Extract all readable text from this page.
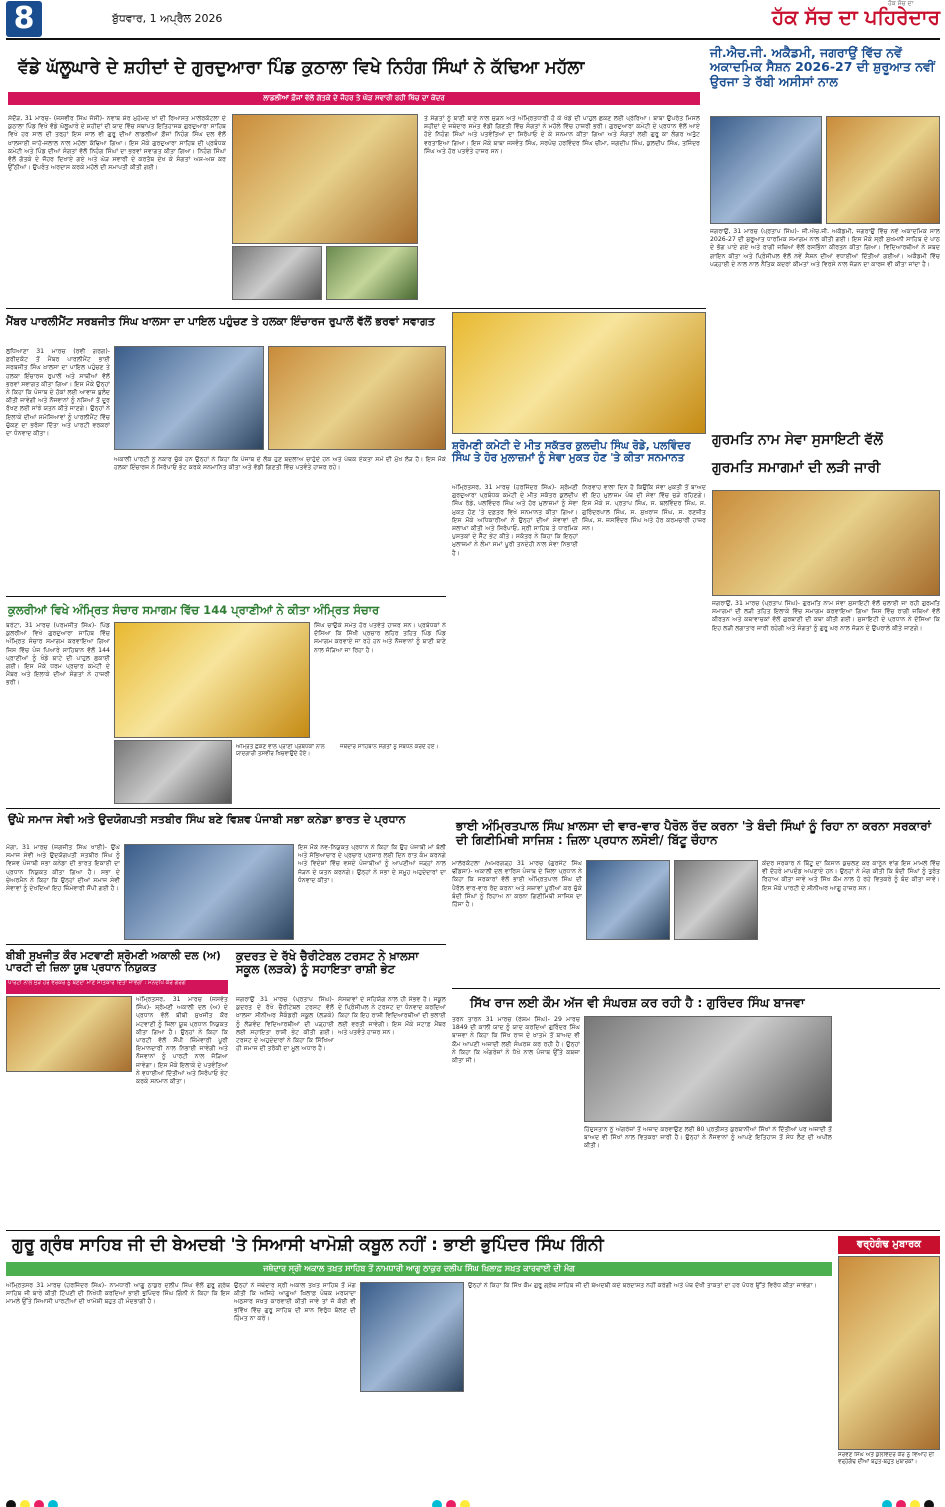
8	ਬੁੱਧਵਾਰ, 1 ਅਪ੍ਰੈਲ 2026
ਹੱਕ ਸੱਚ ਦਾ
ਹੱਕ ਸੱਚ ਦਾ ਪਹਿਰੇਦਾਰ
ਵੱਡੇ ਘੱਲੂਘਾਰੇ ਦੇ ਸ਼ਹੀਦਾਂ ਦੇ ਗੁਰਦੁਆਰਾ ਪਿੰਡ ਕੁਠਾਲਾ ਵਿਖੇ ਨਿਹੰਗ ਸਿੰਘਾਂ ਨੇ ਕੱਢਿਆ ਮਹੱਲਾ
ਲਾਡਲੀਆਂ ਫ਼ੌਜਾਂ ਵੱਲੋਂ ਗੱਤਕੇ ਦੇ ਜੌਹਰ ਤੇ ਘੋੜ ਸਵਾਰੀ ਰਹੀ ਖਿੱਚ ਦਾ ਕੇਂਦਰ
ਸੰਦੌੜ, 31 ਮਾਰਚ- (ਜਸਵੀਰ ਸਿੰਘ ਜੱਸੀ)- ਨਵਾਬ ਸ਼ੇਰ ਮੁਹੰਮਦ ਖਾਂ ਦੀ ਰਿਆਸਤ ਮਾਲੇਰਕੋਟਲਾ ਦੇ ਕੁਠਾਲਾ ਪਿੰਡ ਵਿਖੇ ਵੱਡੇ ਘੱਲੂਘਾਰੇ ਦੇ ਸ਼ਹੀਦਾਂ ਦੀ ਯਾਦ ਵਿੱਚ ਸਥਾਪਤ ਇਤਿਹਾਸਕ ਗੁਰਦੁਆਰਾ ਸਾਹਿਬ ਵਿਖੇ ਹਰ ਸਾਲ ਦੀ ਤਰ੍ਹਾਂ ਇਸ ਸਾਲ ਵੀ ਗੁਰੂ ਦੀਆਂ ਲਾਡਲੀਆਂ ਫ਼ੌਜਾਂ ਨਿਹੰਗ ਸਿੰਘ ਦਲ ਵੱਲੋਂ ਖ਼ਾਲਸਾਈ ਜਾਹੋ-ਜਲਾਲ ਨਾਲ ਮਹੱਲਾ ਕੱਢਿਆ ਗਿਆ। ਇਸ ਮੌਕੇ ਗੁਰਦੁਆਰਾ ਸਾਹਿਬ ਦੀ ਪ੍ਰਬੰਧਕ ਕਮੇਟੀ ਅਤੇ ਪਿੰਡ ਦੀਆਂ ਸੰਗਤਾਂ ਵੱਲੋਂ ਨਿਹੰਗ ਸਿੰਘਾਂ ਦਾ ਭਰਵਾਂ ਸਵਾਗਤ ਕੀਤਾ ਗਿਆ। ਨਿਹੰਗ ਸਿੰਘਾਂ ਵੱਲੋਂ ਗੱਤਕੇ ਦੇ ਜੌਹਰ ਦਿਖਾਏ ਗਏ ਅਤੇ ਘੋੜ ਸਵਾਰੀ ਦੇ ਕਰਤੱਬ ਦੇਖ ਕੇ ਸੰਗਤਾਂ ਅਸ਼-ਅਸ਼ ਕਰ ਉੱਠੀਆਂ। ਉਪਰੰਤ ਅਰਦਾਸ ਕਰਕੇ ਮਹੱਲੇ ਦੀ ਸਮਾਪਤੀ ਕੀਤੀ ਗਈ।
ਤੇ ਸੰਗਤਾਂ ਨੂੰ ਬਾਣੀ ਬਾਣੇ ਨਾਲ ਜੁੜਨ ਅਤੇ ਅੰਮ੍ਰਿਤਧਾਰੀ ਹੋ ਕੇ ਖੰਡੇ ਦੀ ਪਾਹੁਲ ਛਕਣ ਲਈ ਪ੍ਰੇਰਿਆ। ਬਾਬਾ ਉਪਰੰਤ ਮਿਸਲ ਸ਼ਹੀਦਾਂ ਦੇ ਜਥੇਦਾਰ ਸਮੇਤ ਵੱਡੀ ਗਿਣਤੀ ਵਿੱਚ ਸੰਗਤਾਂ ਨੇ ਮਹੱਲੇ ਵਿੱਚ ਹਾਜ਼ਰੀ ਭਰੀ। ਗੁਰਦੁਆਰਾ ਕਮੇਟੀ ਦੇ ਪ੍ਰਧਾਨ ਵੱਲੋਂ ਆਏ ਹੋਏ ਨਿਹੰਗ ਸਿੰਘਾਂ ਅਤੇ ਪਤਵੰਤਿਆਂ ਦਾ ਸਿਰੋਪਾਓ ਦੇ ਕੇ ਸਨਮਾਨ ਕੀਤਾ ਗਿਆ ਅਤੇ ਸੰਗਤਾਂ ਲਈ ਗੁਰੂ ਕਾ ਲੰਗਰ ਅਤੁੱਟ ਵਰਤਾਇਆ ਗਿਆ। ਇਸ ਮੌਕੇ ਬਾਬਾ ਜਸਵੰਤ ਸਿੰਘ, ਸਰਪੰਚ ਹਰਵਿੰਦਰ ਸਿੰਘ ਚੀਮਾ, ਜਗਦੀਪ ਸਿੰਘ, ਕੁਲਦੀਪ ਸਿੰਘ, ਤਜਿੰਦਰ ਸਿੰਘ ਅਤੇ ਹੋਰ ਪਤਵੰਤੇ ਹਾਜ਼ਰ ਸਨ।
ਜੀ.ਐਚ.ਜੀ. ਅਕੈਡਮੀ, ਜਗਰਾਉਂ ਵਿੱਚ ਨਵੇਂ ਅਕਾਦਮਿਕ ਸੈਸ਼ਨ 2026-27 ਦੀ ਸ਼ੁਰੂਆਤ ਨਵੀਂ ਉਰਜਾ ਤੇ ਰੱਬੀ ਅਸੀਸਾਂ ਨਾਲ
ਜਗਰਾਉਂ, 31 ਮਾਰਚ (ਪ੍ਰਤਾਪ ਸਿੰਘ)- ਜੀ.ਐਚ.ਜੀ. ਅਕੈਡਮੀ, ਜਗਰਾਉਂ ਵਿੱਚ ਨਵੇਂ ਅਕਾਦਮਿਕ ਸਾਲ 2026-27 ਦੀ ਸ਼ੁਰੂਆਤ ਧਾਰਮਿਕ ਸਮਾਗਮ ਨਾਲ ਕੀਤੀ ਗਈ। ਇਸ ਮੌਕੇ ਸ੍ਰੀ ਸੁਖਮਨੀ ਸਾਹਿਬ ਦੇ ਪਾਠ ਦੇ ਭੋਗ ਪਾਏ ਗਏ ਅਤੇ ਰਾਗੀ ਜਥਿਆਂ ਵੱਲੋਂ ਰਸਭਿੰਨਾ ਕੀਰਤਨ ਕੀਤਾ ਗਿਆ। ਵਿਦਿਆਰਥੀਆਂ ਨੇ ਸ਼ਬਦ ਗਾਇਨ ਕੀਤਾ ਅਤੇ ਪ੍ਰਿੰਸੀਪਲ ਵੱਲੋਂ ਨਵੇਂ ਸੈਸ਼ਨ ਦੀਆਂ ਵਧਾਈਆਂ ਦਿੱਤੀਆਂ ਗਈਆਂ। ਅਕੈਡਮੀ ਵਿੱਚ ਪੜ੍ਹਾਈ ਦੇ ਨਾਲ ਨਾਲ ਨੈਤਿਕ ਕਦਰਾਂ ਕੀਮਤਾਂ ਅਤੇ ਵਿਰਸੇ ਨਾਲ ਜੋੜਨ ਦਾ ਕਾਰਜ ਵੀ ਕੀਤਾ ਜਾਂਦਾ ਹੈ।
ਮੈਂਬਰ ਪਾਰਲੀਮੈਂਟ ਸਰਬਜੀਤ ਸਿੰਘ ਖਾਲਸਾ ਦਾ ਪਾਇਲ ਪਹੁੰਚਣ ਤੇ ਹਲਕਾ ਇੰਚਾਰਜ ਰੁਪਾਲੋਂ ਵੱਲੋਂ ਭਰਵਾਂ ਸਵਾਗਤ
ਲੁਧਿਆਣਾ 31 ਮਾਰਚ (ਰਵੀ ਗਰਗ)- ਫ਼ਰੀਦਕੋਟ ਤੋਂ ਮੈਂਬਰ ਪਾਰਲੀਮੈਂਟ ਭਾਈ ਸਰਬਜੀਤ ਸਿੰਘ ਖ਼ਾਲਸਾ ਦਾ ਪਾਇਲ ਪਹੁੰਚਣ ਤੇ ਹਲਕਾ ਇੰਚਾਰਜ ਰੁਪਾਲੋਂ ਅਤੇ ਸਾਥੀਆਂ ਵੱਲੋਂ ਭਰਵਾਂ ਸਵਾਗਤ ਕੀਤਾ ਗਿਆ। ਇਸ ਮੌਕੇ ਉਨ੍ਹਾਂ ਨੇ ਕਿਹਾ ਕਿ ਪੰਜਾਬ ਦੇ ਹੱਕਾਂ ਲਈ ਆਵਾਜ਼ ਬੁਲੰਦ ਕੀਤੀ ਜਾਵੇਗੀ ਅਤੇ ਨੌਜਵਾਨਾਂ ਨੂੰ ਨਸ਼ਿਆਂ ਤੋਂ ਦੂਰ ਰੱਖਣ ਲਈ ਸਾਂਝੇ ਯਤਨ ਕੀਤੇ ਜਾਣਗੇ। ਉਨ੍ਹਾਂ ਨੇ ਇਲਾਕੇ ਦੀਆਂ ਸਮੱਸਿਆਵਾਂ ਨੂੰ ਪਾਰਲੀਮੈਂਟ ਵਿੱਚ ਚੁੱਕਣ ਦਾ ਭਰੋਸਾ ਦਿੱਤਾ ਅਤੇ ਪਾਰਟੀ ਵਰਕਰਾਂ ਦਾ ਧੰਨਵਾਦ ਕੀਤਾ।
ਅਕਾਲੀ ਪਾਰਟੀ ਨੂੰ ਨਕਾਰ ਚੁੱਕੇ ਹਨ ਉਨ੍ਹਾਂ ਨੇ ਕਿਹਾ ਕਿ ਪੰਜਾਬ ਦੇ ਲੋਕ ਹੁਣ ਬਦਲਾਅ ਚਾਹੁੰਦੇ ਹਨ ਅਤੇ ਪੰਥਕ ਏਕਤਾ ਸਮੇਂ ਦੀ ਮੁੱਖ ਲੋੜ ਹੈ। ਇਸ ਮੌਕੇ ਹਲਕਾ ਇੰਚਾਰਜ ਨੇ ਸਿਰੋਪਾਓ ਭੇਟ ਕਰਕੇ ਸਨਮਾਨਿਤ ਕੀਤਾ ਅਤੇ ਵੱਡੀ ਗਿਣਤੀ ਵਿੱਚ ਪਤਵੰਤੇ ਹਾਜ਼ਰ ਰਹੇ।
ਸ਼੍ਰੋਮਣੀ ਕਮੇਟੀ ਦੇ ਮੀਤ ਸਕੱਤਰ ਕੁਲਦੀਪ ਸਿੰਘ ਰੋਡੇ, ਪਲਵਿੰਦਰ ਸਿੰਘ ਤੇ ਹੋਰ ਮੁਲਾਜ਼ਮਾਂ ਨੂੰ ਸੇਵਾ ਮੁਕਤ ਹੋਣ 'ਤੇ ਕੀਤਾ ਸਨਮਾਨਤ
ਅੰਮ੍ਰਿਤਸਰ, 31 ਮਾਰਚ (ਹਰਜਿੰਦਰ ਸਿੰਘ)- ਸ਼੍ਰੋਮਣੀ ਗੁਰਦੁਆਰਾ ਪ੍ਰਬੰਧਕ ਕਮੇਟੀ ਦੇ ਮੀਤ ਸਕੱਤਰ ਕੁਲਦੀਪ ਸਿੰਘ ਰੋਡੇ, ਪਲਵਿੰਦਰ ਸਿੰਘ ਅਤੇ ਹੋਰ ਮੁਲਾਜ਼ਮਾਂ ਨੂੰ ਸੇਵਾ ਮੁਕਤ ਹੋਣ 'ਤੇ ਦਫ਼ਤਰ ਵਿਖੇ ਸਨਮਾਨਤ ਕੀਤਾ ਗਿਆ। ਇਸ ਮੌਕੇ ਅਧਿਕਾਰੀਆਂ ਨੇ ਉਨ੍ਹਾਂ ਦੀਆਂ ਸੇਵਾਵਾਂ ਦੀ ਸ਼ਲਾਘਾ ਕੀਤੀ ਅਤੇ ਸਿਰੋਪਾਓ, ਸ੍ਰੀ ਸਾਹਿਬ ਤੇ ਧਾਰਮਿਕ ਪੁਸਤਕਾਂ ਦੇ ਸੈੱਟ ਭੇਟ ਕੀਤੇ। ਸਕੱਤਰ ਨੇ ਕਿਹਾ ਕਿ ਇਨ੍ਹਾਂ ਮੁਲਾਜ਼ਮਾਂ ਨੇ ਲੰਮਾ ਸਮਾਂ ਪੂਰੀ ਤਨਦੇਹੀ ਨਾਲ ਸੇਵਾ ਨਿਭਾਈ ਹੈ।
ਨਿਰਵਾਹ ਵਾਲਾ ਦਿਨ ਹੈ ਕਿਉਂਕਿ ਸੇਵਾ ਮੁਕਤੀ ਤੋਂ ਬਾਅਦ ਵੀ ਇਹ ਮੁਲਾਜ਼ਮ ਪੰਥ ਦੀ ਸੇਵਾ ਵਿੱਚ ਜੁੜੇ ਰਹਿਣਗੇ। ਇਸ ਮੌਕੇ ਸ. ਪ੍ਰਤਾਪ ਸਿੰਘ, ਸ. ਬਲਵਿੰਦਰ ਸਿੰਘ, ਸ. ਗੁਰਿੰਦਰਪਾਲ ਸਿੰਘ, ਸ. ਸੁਖਰਾਜ ਸਿੰਘ, ਸ. ਰਣਜੀਤ ਸਿੰਘ, ਸ. ਜਸਵਿੰਦਰ ਸਿੰਘ ਅਤੇ ਹੋਰ ਕਰਮਚਾਰੀ ਹਾਜ਼ਰ ਸਨ।
ਗੁਰਮਤਿ ਨਾਮ ਸੇਵਾ ਸੁਸਾਇਟੀ ਵੱਲੋਂ
ਗੁਰਮਤਿ ਸਮਾਗਮਾਂ ਦੀ ਲੜੀ ਜਾਰੀ
ਜਗਰਾਉਂ, 31 ਮਾਰਚ (ਪ੍ਰਤਾਪ ਸਿੰਘ)- ਗੁਰਮਤਿ ਨਾਮ ਸੇਵਾ ਸੁਸਾਇਟੀ ਵੱਲੋਂ ਚਲਾਈ ਜਾ ਰਹੀ ਗੁਰਮਤਿ ਸਮਾਗਮਾਂ ਦੀ ਲੜੀ ਤਹਿਤ ਇਲਾਕੇ ਵਿੱਚ ਸਮਾਗਮ ਕਰਵਾਇਆ ਗਿਆ ਜਿਸ ਵਿੱਚ ਰਾਗੀ ਜਥਿਆਂ ਵੱਲੋਂ ਕੀਰਤਨ ਅਤੇ ਕਥਾਵਾਚਕਾਂ ਵੱਲੋਂ ਗੁਰਬਾਣੀ ਦੀ ਕਥਾ ਕੀਤੀ ਗਈ। ਸੁਸਾਇਟੀ ਦੇ ਪ੍ਰਧਾਨ ਨੇ ਦੱਸਿਆ ਕਿ ਇਹ ਲੜੀ ਲਗਾਤਾਰ ਜਾਰੀ ਰਹੇਗੀ ਅਤੇ ਸੰਗਤਾਂ ਨੂੰ ਗੁਰੂ ਘਰ ਨਾਲ ਜੋੜਨ ਦੇ ਉਪਰਾਲੇ ਕੀਤੇ ਜਾਣਗੇ।
ਕੁਲਰੀਆਂ ਵਿਖੇ ਅੰਮ੍ਰਿਤ ਸੰਚਾਰ ਸਮਾਗਮ ਵਿੱਚ 144 ਪ੍ਰਾਣੀਆਂ ਨੇ ਕੀਤਾ ਅੰਮ੍ਰਿਤ ਸੰਚਾਰ
ਬਰੇਟਾ, 31 ਮਾਰਚ (ਪਰਮਜੀਤ ਸਿੰਘ)- ਪਿੰਡ ਕੁਲਰੀਆਂ ਵਿਖੇ ਗੁਰਦੁਆਰਾ ਸਾਹਿਬ ਵਿੱਚ ਅੰਮ੍ਰਿਤ ਸੰਚਾਰ ਸਮਾਗਮ ਕਰਵਾਇਆ ਗਿਆ ਜਿਸ ਵਿੱਚ ਪੰਜ ਪਿਆਰੇ ਸਾਹਿਬਾਨ ਵੱਲੋਂ 144 ਪ੍ਰਾਣੀਆਂ ਨੂੰ ਖੰਡੇ ਬਾਟੇ ਦੀ ਪਾਹੁਲ ਛਕਾਈ ਗਈ। ਇਸ ਮੌਕੇ ਧਰਮ ਪ੍ਰਚਾਰ ਕਮੇਟੀ ਦੇ ਮੈਂਬਰ ਅਤੇ ਇਲਾਕੇ ਦੀਆਂ ਸੰਗਤਾਂ ਨੇ ਹਾਜ਼ਰੀ ਭਰੀ।
ਸਿੰਘ ਚਾਉਕੇ ਸਮੇਤ ਹੋਰ ਪਤਵੰਤੇ ਹਾਜ਼ਰ ਸਨ। ਪ੍ਰਬੰਧਕਾਂ ਨੇ ਦੱਸਿਆ ਕਿ ਸਿੱਖੀ ਪ੍ਰਚਾਰ ਲਹਿਰ ਤਹਿਤ ਪਿੰਡ ਪਿੰਡ ਸਮਾਗਮ ਕਰਵਾਏ ਜਾ ਰਹੇ ਹਨ ਅਤੇ ਨੌਜਵਾਨਾਂ ਨੂੰ ਬਾਣੀ ਬਾਣੇ ਨਾਲ ਜੋੜਿਆ ਜਾ ਰਿਹਾ ਹੈ।
ਅੰਮ੍ਰਿਤ ਛਕਣ ਵਾਲੇ ਪ੍ਰਾਣੀ ਪ੍ਰਬੰਧਕਾਂ ਨਾਲ ਯਾਦਗਾਰੀ ਤਸਵੀਰ ਖਿਚਵਾਉਂਦੇ ਹੋਏ।
ਜਥੇਦਾਰ ਸਾਹਿਬਾਨ ਸੰਗਤਾਂ ਨੂੰ ਸੰਬੋਧਨ ਕਰਦੇ ਹੋਏ।
ਉਂਘੇ ਸਮਾਜ ਸੇਵੀ ਅਤੇ ਉਦਯੋਗਪਤੀ ਸਤਬੀਰ ਸਿੰਘ ਬਣੇ ਵਿਸ਼ਵ ਪੰਜਾਬੀ ਸਭਾ ਕਨੇਡਾ ਭਾਰਤ ਦੇ ਪ੍ਰਧਾਨ
ਮੋਗਾ, 31 ਮਾਰਚ (ਜਗਜੀਤ ਸਿੰਘ ਖਾਈ)- ਉਂਘੇ ਸਮਾਜ ਸੇਵੀ ਅਤੇ ਉਦਯੋਗਪਤੀ ਸਤਬੀਰ ਸਿੰਘ ਨੂੰ ਵਿਸ਼ਵ ਪੰਜਾਬੀ ਸਭਾ ਕਨੇਡਾ ਦੀ ਭਾਰਤ ਇਕਾਈ ਦਾ ਪ੍ਰਧਾਨ ਨਿਯੁਕਤ ਕੀਤਾ ਗਿਆ ਹੈ। ਸਭਾ ਦੇ ਚੇਅਰਮੈਨ ਨੇ ਕਿਹਾ ਕਿ ਉਨ੍ਹਾਂ ਦੀਆਂ ਸਮਾਜ ਸੇਵੀ ਸੇਵਾਵਾਂ ਨੂੰ ਦੇਖਦਿਆਂ ਇਹ ਜ਼ਿੰਮੇਵਾਰੀ ਸੌਂਪੀ ਗਈ ਹੈ।
ਇਸ ਮੌਕੇ ਨਵ-ਨਿਯੁਕਤ ਪ੍ਰਧਾਨ ਨੇ ਕਿਹਾ ਕਿ ਉਹ ਪੰਜਾਬੀ ਮਾਂ ਬੋਲੀ ਅਤੇ ਸੱਭਿਆਚਾਰ ਦੇ ਪ੍ਰਚਾਰ ਪ੍ਰਸਾਰ ਲਈ ਦਿਨ ਰਾਤ ਕੰਮ ਕਰਨਗੇ ਅਤੇ ਵਿਦੇਸ਼ਾਂ ਵਿੱਚ ਵਸਦੇ ਪੰਜਾਬੀਆਂ ਨੂੰ ਆਪਣੀਆਂ ਜੜ੍ਹਾਂ ਨਾਲ ਜੋੜਨ ਦੇ ਯਤਨ ਕਰਨਗੇ। ਉਨ੍ਹਾਂ ਨੇ ਸਭਾ ਦੇ ਸਮੂਹ ਅਹੁਦੇਦਾਰਾਂ ਦਾ ਧੰਨਵਾਦ ਕੀਤਾ।
ਭਾਈ ਅੰਮ੍ਰਿਤਪਾਲ ਸਿੰਘ ਖ਼ਾਲਸਾ ਦੀ ਵਾਰ-ਵਾਰ ਪੈਰੋਲ ਰੱਦ ਕਰਨਾ 'ਤੇ ਬੰਦੀ ਸਿੰਘਾਂ ਨੂੰ ਰਿਹਾ ਨਾ ਕਰਨਾ ਸਰਕਾਰਾਂ ਦੀ ਗਿਣੀਮਿਥੀ ਸਾਜਿਸ਼ : ਜ਼ਿਲਾ ਪ੍ਰਧਾਨ ਲਸੋਈ/ ਬਿੱਟੂ ਚੌਹਾਨ
ਮਾਲੇਰਕੋਟਲਾ /ਅਮਰਗੜ੍ਹ 31 ਮਾਰਚ (ਗੁਰਜੰਟ ਸਿੰਘ ਢੀਂਡਸਾ)- ਅਕਾਲੀ ਦਲ ਵਾਰਿਸ ਪੰਜਾਬ ਦੇ ਜ਼ਿਲਾ ਪ੍ਰਧਾਨ ਨੇ ਕਿਹਾ ਕਿ ਸਰਕਾਰਾਂ ਵੱਲੋਂ ਭਾਈ ਅੰਮ੍ਰਿਤਪਾਲ ਸਿੰਘ ਦੀ ਪੈਰੋਲ ਵਾਰ-ਵਾਰ ਰੱਦ ਕਰਨਾ ਅਤੇ ਸਜ਼ਾਵਾਂ ਪੂਰੀਆਂ ਕਰ ਚੁੱਕੇ ਬੰਦੀ ਸਿੰਘਾਂ ਨੂੰ ਰਿਹਾਅ ਨਾ ਕਰਨਾ ਗਿਣੀਮਿਥੀ ਸਾਜਿਸ਼ ਦਾ ਹਿੱਸਾ ਹੈ।
ਕੇਂਦਰ ਸਰਕਾਰ ਨੇ ਬਿੱਟੂ ਦਾ ਕਿਸਾਨ ਕੁਚਲਣ ਕਰ ਕਾਨੂੰਨ ਵਾਂਗ ਇਸ ਮਾਮਲੇ ਵਿੱਚ ਵੀ ਦੋਹਰੇ ਮਾਪਦੰਡ ਅਪਣਾਏ ਹਨ। ਉਨ੍ਹਾਂ ਨੇ ਮੰਗ ਕੀਤੀ ਕਿ ਬੰਦੀ ਸਿੰਘਾਂ ਨੂੰ ਤੁਰੰਤ ਰਿਹਾਅ ਕੀਤਾ ਜਾਵੇ ਅਤੇ ਸਿੱਖ ਕੌਮ ਨਾਲ ਹੋ ਰਹੇ ਵਿਤਕਰੇ ਨੂੰ ਬੰਦ ਕੀਤਾ ਜਾਵੇ। ਇਸ ਮੌਕੇ ਪਾਰਟੀ ਦੇ ਸੀਨੀਅਰ ਆਗੂ ਹਾਜ਼ਰ ਸਨ।
ਬੀਬੀ ਸੁਖਜੀਤ ਕੌਰ ਮਟਵਾਣੀ ਸ਼੍ਰੋਮਣੀ ਅਕਾਲੀ ਦਲ (ਅ) ਪਾਰਟੀ ਦੀ ਜ਼ਿਲਾ ਯੂਥ ਪ੍ਰਧਾਨ ਨਿਯੁਕਤ
ਪਾਰਟੀ ਨਾਲ ਜੁੜੇ ਹਰ ਵਰਕਰ ਨੂੰ ਬਣਦਾ ਮਾਣ ਸਤਿਕਾਰ ਦਿੱਤਾ ਜਾਵੇਗਾ : ਮਨਦੀਪ ਕੌਰ ਗਰਗ
ਅੰਮ੍ਰਿਤਸਰ, 31 ਮਾਰਚ (ਜਸਵੰਤ ਸਿੰਘ)- ਸ਼੍ਰੋਮਣੀ ਅਕਾਲੀ ਦਲ (ਅ) ਦੇ ਪ੍ਰਧਾਨ ਵੱਲੋਂ ਬੀਬੀ ਸੁਖਜੀਤ ਕੌਰ ਮਟਵਾਣੀ ਨੂੰ ਜ਼ਿਲਾ ਯੂਥ ਪ੍ਰਧਾਨ ਨਿਯੁਕਤ ਕੀਤਾ ਗਿਆ ਹੈ। ਉਨ੍ਹਾਂ ਨੇ ਕਿਹਾ ਕਿ ਪਾਰਟੀ ਵੱਲੋਂ ਸੌਂਪੀ ਜ਼ਿੰਮੇਵਾਰੀ ਪੂਰੀ ਇਮਾਨਦਾਰੀ ਨਾਲ ਨਿਭਾਈ ਜਾਵੇਗੀ ਅਤੇ ਨੌਜਵਾਨਾਂ ਨੂੰ ਪਾਰਟੀ ਨਾਲ ਜੋੜਿਆ ਜਾਵੇਗਾ। ਇਸ ਮੌਕੇ ਇਲਾਕੇ ਦੇ ਪਤਵੰਤਿਆਂ ਨੇ ਵਧਾਈਆਂ ਦਿੱਤੀਆਂ ਅਤੇ ਸਿਰੋਪਾਓ ਭੇਟ ਕਰਕੇ ਸਨਮਾਨ ਕੀਤਾ।
ਕੁਦਰਤ ਦੇ ਰੱਖੇ ਚੈਰੀਟੇਬਲ ਟਰਸਟ ਨੇ ਖ਼ਾਲਸਾ ਸਕੂਲ (ਲੜਕੇ) ਨੂੰ ਸਹਾਇਤਾ ਰਾਸ਼ੀ ਭੇਟ
ਜਗਰਾਉਂ 31 ਮਾਰਚ (ਪ੍ਰਤਾਪ ਸਿੰਘ)- ਕੁਦਰਤ ਦੇ ਰੱਖੇ ਚੈਰੀਟੇਬਲ ਟਰਸਟ ਵੱਲੋਂ ਖ਼ਾਲਸਾ ਸੀਨੀਅਰ ਸੈਕੰਡਰੀ ਸਕੂਲ (ਲੜਕੇ) ਨੂੰ ਲੋੜਵੰਦ ਵਿਦਿਆਰਥੀਆਂ ਦੀ ਪੜ੍ਹਾਈ ਲਈ ਸਹਾਇਤਾ ਰਾਸ਼ੀ ਭੇਟ ਕੀਤੀ ਗਈ। ਟਰਸਟ ਦੇ ਅਹੁਦੇਦਾਰਾਂ ਨੇ ਕਿਹਾ ਕਿ ਸਿੱਖਿਆ ਹੀ ਸਮਾਜ ਦੀ ਤਰੱਕੀ ਦਾ ਮੂਲ ਅਧਾਰ ਹੈ।
ਸੰਸਥਾਵਾਂ ਦੇ ਸਹਿਯੋਗ ਨਾਲ ਹੀ ਸੰਭਵ ਹੈ। ਸਕੂਲ ਦੇ ਪ੍ਰਿੰਸੀਪਲ ਨੇ ਟਰਸਟ ਦਾ ਧੰਨਵਾਦ ਕਰਦਿਆਂ ਕਿਹਾ ਕਿ ਇਹ ਰਾਸ਼ੀ ਵਿਦਿਆਰਥੀਆਂ ਦੀ ਭਲਾਈ ਲਈ ਵਰਤੀ ਜਾਵੇਗੀ। ਇਸ ਮੌਕੇ ਸਟਾਫ਼ ਮੈਂਬਰ ਅਤੇ ਪਤਵੰਤੇ ਹਾਜ਼ਰ ਸਨ।
ਸਿੱਖ ਰਾਜ ਲਈ ਕੌਮ ਅੱਜ ਵੀ ਸੰਘਰਸ਼ ਕਰ ਰਹੀ ਹੈ : ਗੁਰਿੰਦਰ ਸਿੰਘ ਬਾਜਵਾ
ਤਰਨ ਤਾਰਨ 31 ਮਾਰਚ (ਰੇਸ਼ਮ ਸਿੰਘ)- 29 ਮਾਰਚ 1849 ਦੀ ਕਾਲੀ ਯਾਦ ਨੂੰ ਯਾਦ ਕਰਦਿਆਂ ਗੁਰਿੰਦਰ ਸਿੰਘ ਬਾਜਵਾ ਨੇ ਕਿਹਾ ਕਿ ਸਿੱਖ ਰਾਜ ਦੇ ਖ਼ਾਤਮੇ ਤੋਂ ਬਾਅਦ ਵੀ ਕੌਮ ਆਪਣੀ ਅਜ਼ਾਦੀ ਲਈ ਸੰਘਰਸ਼ ਕਰ ਰਹੀ ਹੈ। ਉਨ੍ਹਾਂ ਨੇ ਕਿਹਾ ਕਿ ਅੰਗਰੇਜ਼ਾਂ ਨੇ ਧੋਖੇ ਨਾਲ ਪੰਜਾਬ ਉੱਤੇ ਕਬਜ਼ਾ ਕੀਤਾ ਸੀ।
ਹਿੰਦੁਸਤਾਨ ਨੂੰ ਅੰਗਰੇਜ਼ਾਂ ਤੋਂ ਅਜ਼ਾਦ ਕਰਵਾਉਣ ਲਈ 80 ਪ੍ਰਤੀਸ਼ਤ ਕੁਰਬਾਨੀਆਂ ਸਿੱਖਾਂ ਨੇ ਦਿੱਤੀਆਂ ਪਰ ਅਜ਼ਾਦੀ ਤੋਂ ਬਾਅਦ ਵੀ ਸਿੱਖਾਂ ਨਾਲ ਵਿਤਕਰਾ ਜਾਰੀ ਹੈ। ਉਨ੍ਹਾਂ ਨੇ ਨੌਜਵਾਨਾਂ ਨੂੰ ਆਪਣੇ ਇਤਿਹਾਸ ਤੋਂ ਸੇਧ ਲੈਣ ਦੀ ਅਪੀਲ ਕੀਤੀ।
ਗੁਰੂ ਗ੍ਰੰਥ ਸਾਹਿਬ ਜੀ ਦੀ ਬੇਅਦਬੀ 'ਤੇ ਸਿਆਸੀ ਖਾਮੋਸ਼ੀ ਕਬੂਲ ਨਹੀਂ : ਭਾਈ ਭੁਪਿੰਦਰ ਸਿੰਘ ਗਿੰਨੀ
ਜਥੇਦਾਰ ਸ੍ਰੀ ਅਕਾਲ ਤਖ਼ਤ ਸਾਹਿਬ ਤੋਂ ਨਾਮਧਾਰੀ ਆਗੂ ਠਾਕੁਰ ਦਲੀਪ ਸਿੰਘ ਖ਼ਿਲਾਫ਼ ਸਖ਼ਤ ਕਾਰਵਾਈ ਦੀ ਮੰਗ
ਅੰਮ੍ਰਿਤਸਰ 31 ਮਾਰਚ (ਹਰਜਿੰਦਰ ਸਿੰਘ)- ਨਾਮਧਾਰੀ ਆਗੂ ਠਾਕੁਰ ਦਲੀਪ ਸਿੰਘ ਵੱਲੋਂ ਗੁਰੂ ਗ੍ਰੰਥ ਸਾਹਿਬ ਜੀ ਬਾਰੇ ਕੀਤੀ ਟਿੱਪਣੀ ਦੀ ਨਿਖੇਧੀ ਕਰਦਿਆਂ ਭਾਈ ਭੁਪਿੰਦਰ ਸਿੰਘ ਗਿੰਨੀ ਨੇ ਕਿਹਾ ਕਿ ਇਸ ਮਾਮਲੇ ਉੱਤੇ ਸਿਆਸੀ ਪਾਰਟੀਆਂ ਦੀ ਖਾਮੋਸ਼ੀ ਬਹੁਤ ਹੀ ਮੰਦਭਾਗੀ ਹੈ।
ਉਨ੍ਹਾਂ ਨੇ ਜਥੇਦਾਰ ਸ੍ਰੀ ਅਕਾਲ ਤਖ਼ਤ ਸਾਹਿਬ ਤੋਂ ਮੰਗ ਕੀਤੀ ਕਿ ਅਜਿਹੇ ਆਗੂਆਂ ਖ਼ਿਲਾਫ਼ ਪੰਥਕ ਮਰਯਾਦਾ ਅਨੁਸਾਰ ਸਖ਼ਤ ਕਾਰਵਾਈ ਕੀਤੀ ਜਾਵੇ ਤਾਂ ਜੋ ਕੋਈ ਵੀ ਭਵਿੱਖ ਵਿੱਚ ਗੁਰੂ ਸਾਹਿਬ ਦੀ ਸ਼ਾਨ ਵਿਰੁੱਧ ਬੋਲਣ ਦੀ ਹਿੰਮਤ ਨਾ ਕਰੇ।
ਉਨ੍ਹਾਂ ਨੇ ਕਿਹਾ ਕਿ ਸਿੱਖ ਕੌਮ ਗੁਰੂ ਗ੍ਰੰਥ ਸਾਹਿਬ ਜੀ ਦੀ ਬੇਅਦਬੀ ਕਦੇ ਬਰਦਾਸ਼ਤ ਨਹੀਂ ਕਰੇਗੀ ਅਤੇ ਪੰਥ ਦੋਖੀ ਤਾਕਤਾਂ ਦਾ ਹਰ ਪੱਧਰ ਉੱਤੇ ਵਿਰੋਧ ਕੀਤਾ ਜਾਵੇਗਾ।
ਵਰ੍ਹੇਗੰਢ ਮੁਬਾਰਕ
ਸਰਵਣ ਸਿੰਘ ਅਤੇ ਕੁਲਵਿੰਦਰ ਕੌਰ ਨੂੰ ਵਿਆਹ ਦੀ ਵਰ੍ਹੇਗੰਢ ਦੀਆਂ ਬਹੁਤ-ਬਹੁਤ ਮੁਬਾਰਕਾਂ।
